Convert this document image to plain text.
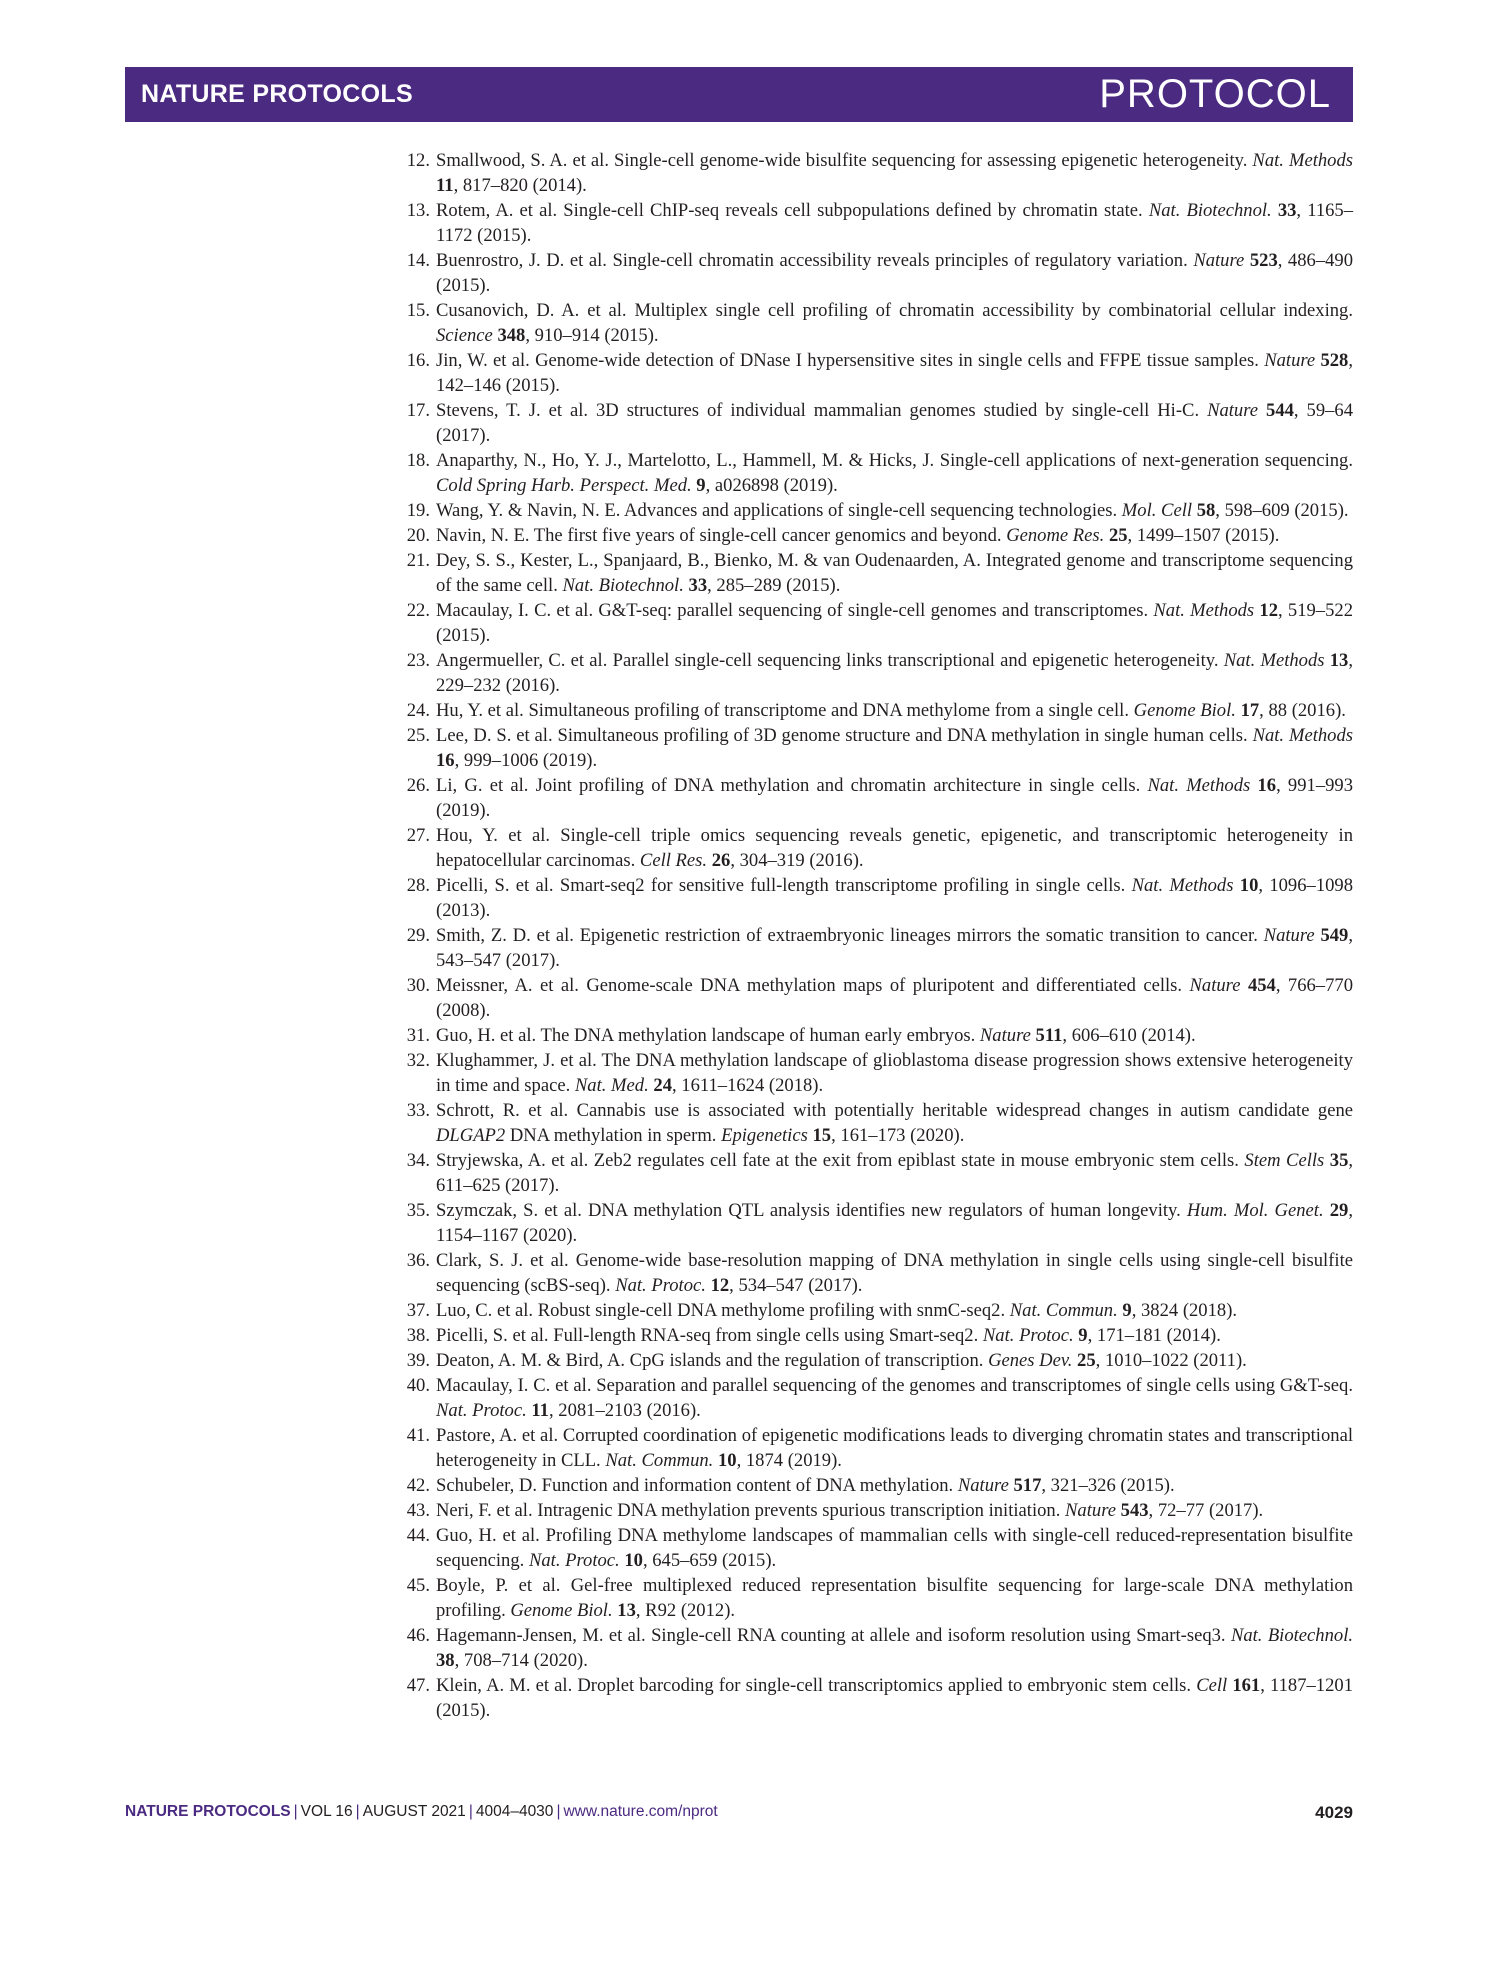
NATURE PROTOCOLS	PROTOCOL
12. Smallwood, S. A. et al. Single-cell genome-wide bisulfite sequencing for assessing epigenetic heterogeneity. Nat. Methods 11, 817–820 (2014).
13. Rotem, A. et al. Single-cell ChIP-seq reveals cell subpopulations defined by chromatin state. Nat. Biotechnol. 33, 1165–1172 (2015).
14. Buenrostro, J. D. et al. Single-cell chromatin accessibility reveals principles of regulatory variation. Nature 523, 486–490 (2015).
15. Cusanovich, D. A. et al. Multiplex single cell profiling of chromatin accessibility by combinatorial cellular indexing. Science 348, 910–914 (2015).
16. Jin, W. et al. Genome-wide detection of DNase I hypersensitive sites in single cells and FFPE tissue samples. Nature 528, 142–146 (2015).
17. Stevens, T. J. et al. 3D structures of individual mammalian genomes studied by single-cell Hi-C. Nature 544, 59–64 (2017).
18. Anaparthy, N., Ho, Y. J., Martelotto, L., Hammell, M. & Hicks, J. Single-cell applications of next-generation sequencing. Cold Spring Harb. Perspect. Med. 9, a026898 (2019).
19. Wang, Y. & Navin, N. E. Advances and applications of single-cell sequencing technologies. Mol. Cell 58, 598–609 (2015).
20. Navin, N. E. The first five years of single-cell cancer genomics and beyond. Genome Res. 25, 1499–1507 (2015).
21. Dey, S. S., Kester, L., Spanjaard, B., Bienko, M. & van Oudenaarden, A. Integrated genome and transcriptome sequencing of the same cell. Nat. Biotechnol. 33, 285–289 (2015).
22. Macaulay, I. C. et al. G&T-seq: parallel sequencing of single-cell genomes and transcriptomes. Nat. Methods 12, 519–522 (2015).
23. Angermueller, C. et al. Parallel single-cell sequencing links transcriptional and epigenetic heterogeneity. Nat. Methods 13, 229–232 (2016).
24. Hu, Y. et al. Simultaneous profiling of transcriptome and DNA methylome from a single cell. Genome Biol. 17, 88 (2016).
25. Lee, D. S. et al. Simultaneous profiling of 3D genome structure and DNA methylation in single human cells. Nat. Methods 16, 999–1006 (2019).
26. Li, G. et al. Joint profiling of DNA methylation and chromatin architecture in single cells. Nat. Methods 16, 991–993 (2019).
27. Hou, Y. et al. Single-cell triple omics sequencing reveals genetic, epigenetic, and transcriptomic heterogeneity in hepatocellular carcinomas. Cell Res. 26, 304–319 (2016).
28. Picelli, S. et al. Smart-seq2 for sensitive full-length transcriptome profiling in single cells. Nat. Methods 10, 1096–1098 (2013).
29. Smith, Z. D. et al. Epigenetic restriction of extraembryonic lineages mirrors the somatic transition to cancer. Nature 549, 543–547 (2017).
30. Meissner, A. et al. Genome-scale DNA methylation maps of pluripotent and differentiated cells. Nature 454, 766–770 (2008).
31. Guo, H. et al. The DNA methylation landscape of human early embryos. Nature 511, 606–610 (2014).
32. Klughammer, J. et al. The DNA methylation landscape of glioblastoma disease progression shows extensive heterogeneity in time and space. Nat. Med. 24, 1611–1624 (2018).
33. Schrott, R. et al. Cannabis use is associated with potentially heritable widespread changes in autism candidate gene DLGAP2 DNA methylation in sperm. Epigenetics 15, 161–173 (2020).
34. Stryjewska, A. et al. Zeb2 regulates cell fate at the exit from epiblast state in mouse embryonic stem cells. Stem Cells 35, 611–625 (2017).
35. Szymczak, S. et al. DNA methylation QTL analysis identifies new regulators of human longevity. Hum. Mol. Genet. 29, 1154–1167 (2020).
36. Clark, S. J. et al. Genome-wide base-resolution mapping of DNA methylation in single cells using single-cell bisulfite sequencing (scBS-seq). Nat. Protoc. 12, 534–547 (2017).
37. Luo, C. et al. Robust single-cell DNA methylome profiling with snmC-seq2. Nat. Commun. 9, 3824 (2018).
38. Picelli, S. et al. Full-length RNA-seq from single cells using Smart-seq2. Nat. Protoc. 9, 171–181 (2014).
39. Deaton, A. M. & Bird, A. CpG islands and the regulation of transcription. Genes Dev. 25, 1010–1022 (2011).
40. Macaulay, I. C. et al. Separation and parallel sequencing of the genomes and transcriptomes of single cells using G&T-seq. Nat. Protoc. 11, 2081–2103 (2016).
41. Pastore, A. et al. Corrupted coordination of epigenetic modifications leads to diverging chromatin states and transcriptional heterogeneity in CLL. Nat. Commun. 10, 1874 (2019).
42. Schubeler, D. Function and information content of DNA methylation. Nature 517, 321–326 (2015).
43. Neri, F. et al. Intragenic DNA methylation prevents spurious transcription initiation. Nature 543, 72–77 (2017).
44. Guo, H. et al. Profiling DNA methylome landscapes of mammalian cells with single-cell reduced-representation bisulfite sequencing. Nat. Protoc. 10, 645–659 (2015).
45. Boyle, P. et al. Gel-free multiplexed reduced representation bisulfite sequencing for large-scale DNA methylation profiling. Genome Biol. 13, R92 (2012).
46. Hagemann-Jensen, M. et al. Single-cell RNA counting at allele and isoform resolution using Smart-seq3. Nat. Biotechnol. 38, 708–714 (2020).
47. Klein, A. M. et al. Droplet barcoding for single-cell transcriptomics applied to embryonic stem cells. Cell 161, 1187–1201 (2015).
NATURE PROTOCOLS | VOL 16 | AUGUST 2021 | 4004–4030 | www.nature.com/nprot	4029
